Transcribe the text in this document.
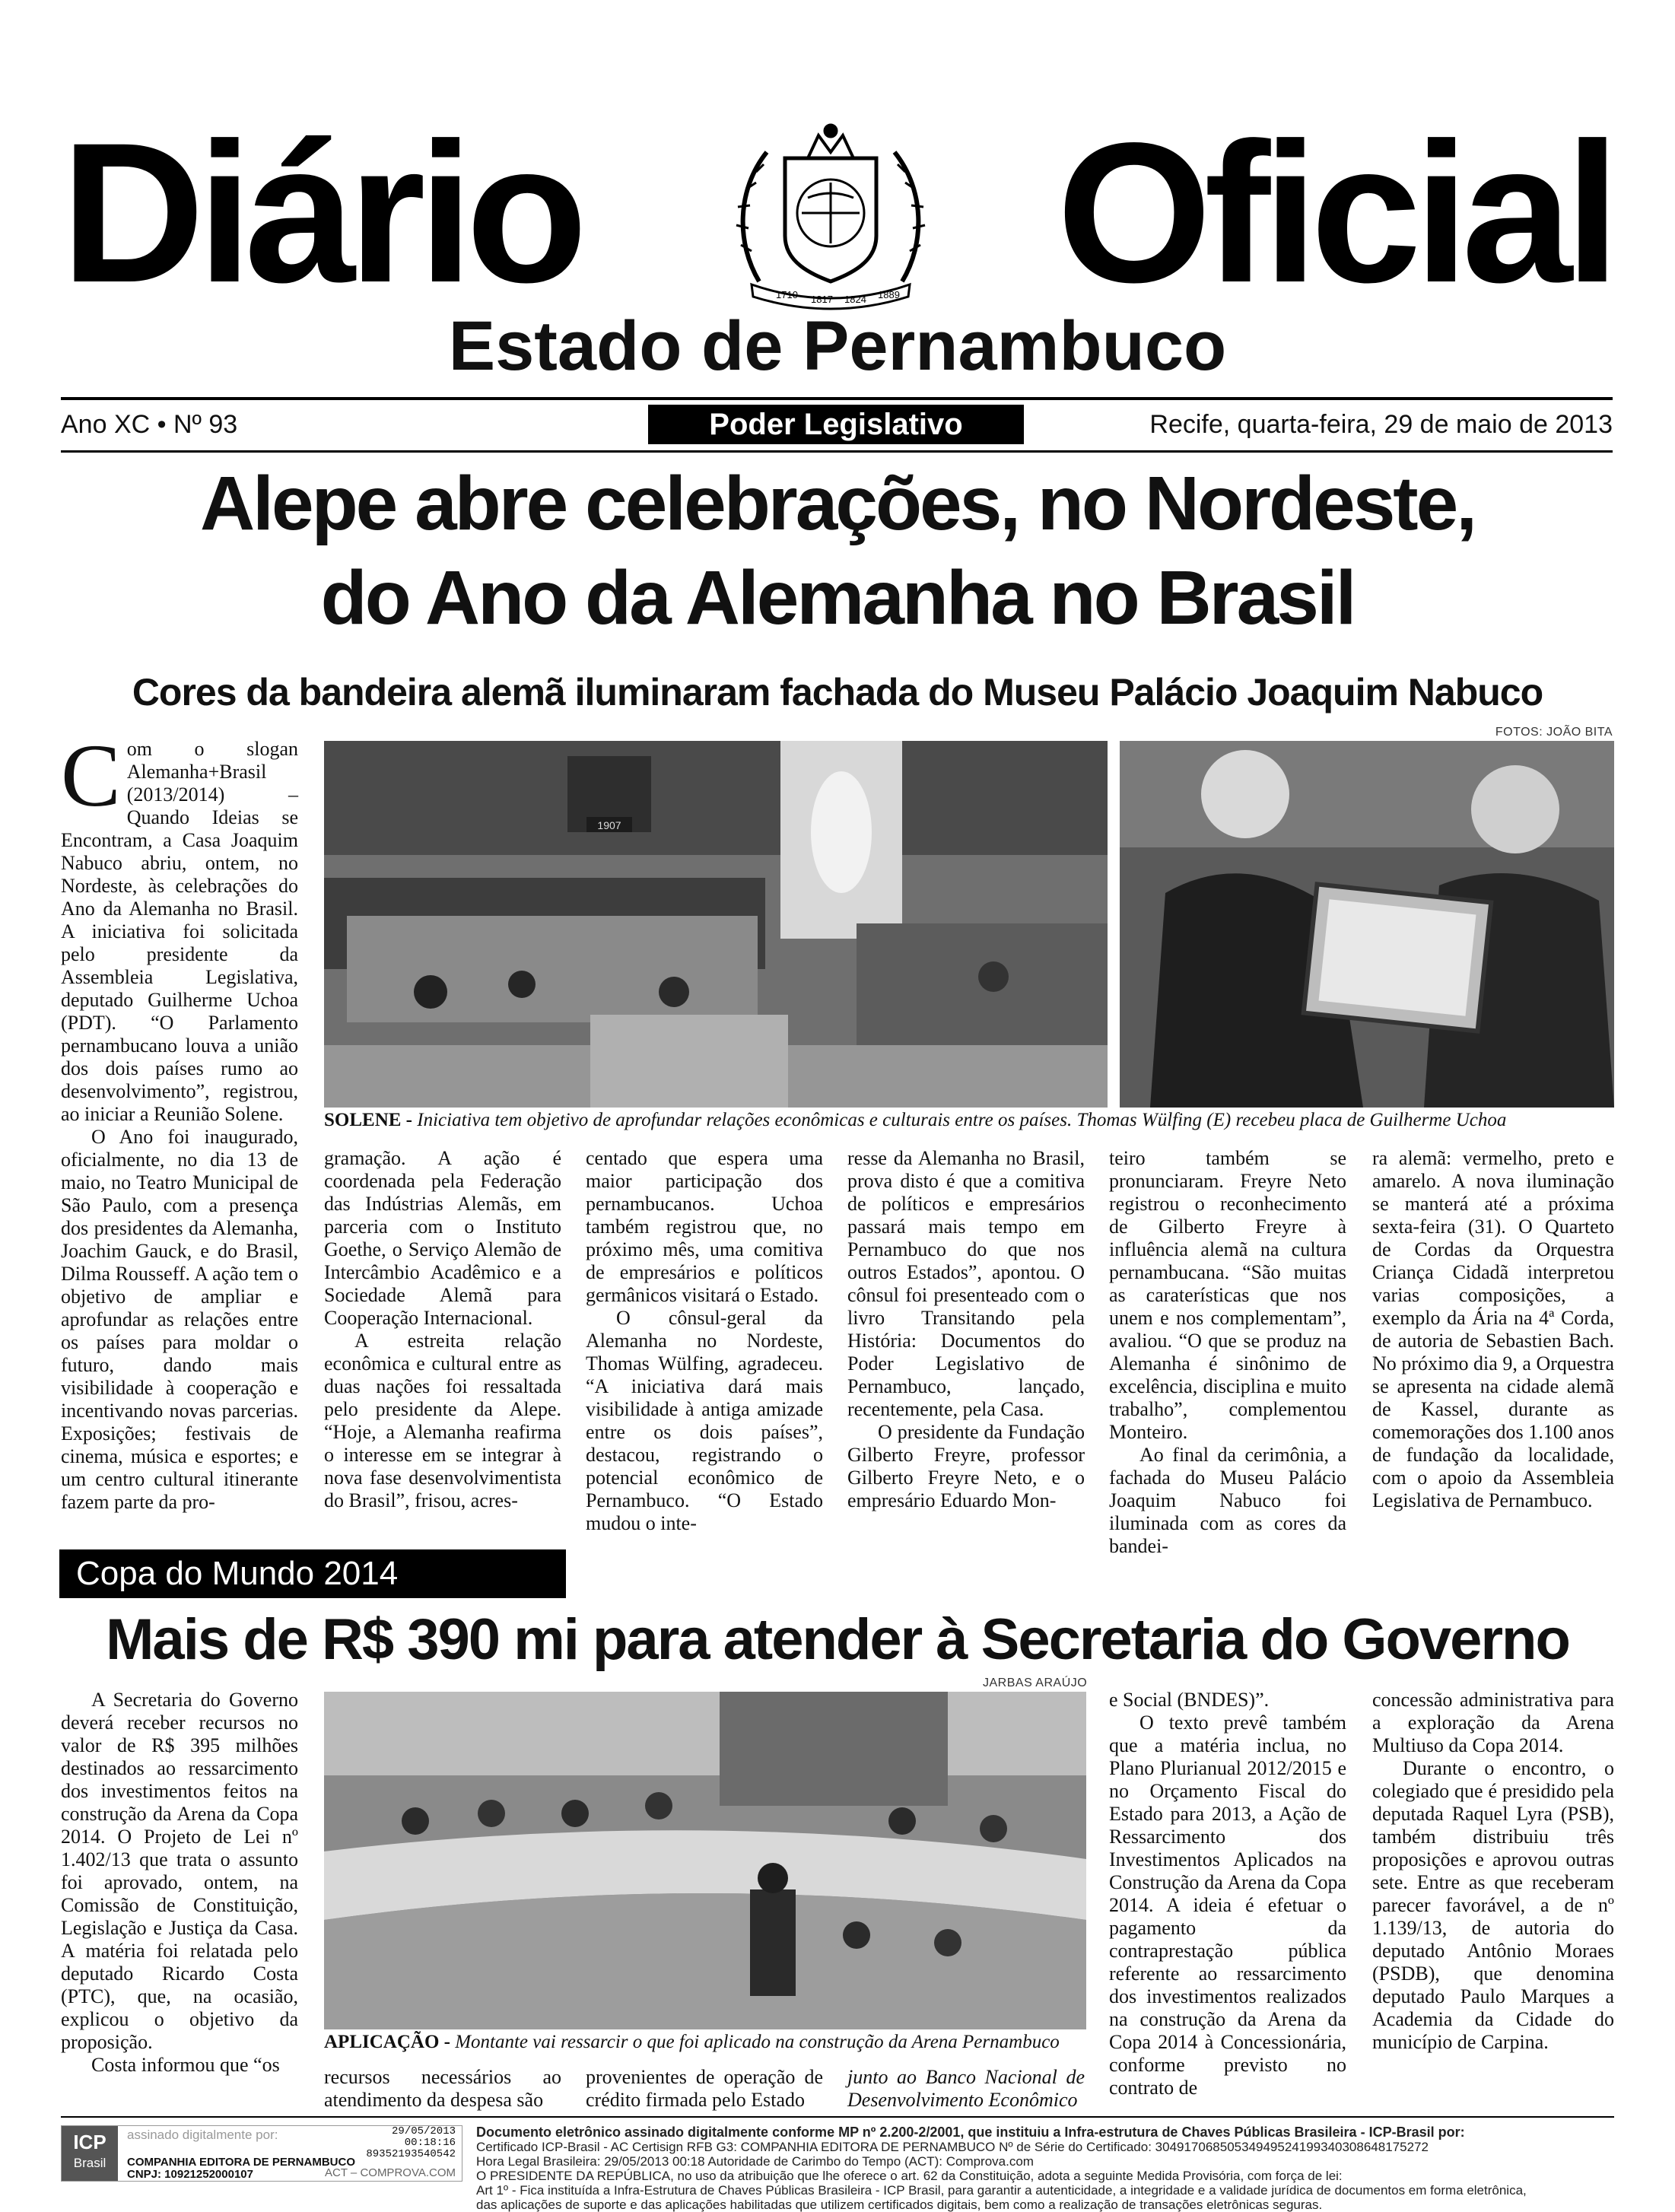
Diário Oficial
1710 1817 1824 1889
Estado de Pernambuco
Ano XC • Nº 93	Poder Legislativo	Recife, quarta-feira, 29 de maio de 2013
Alepe abre celebrações, no Nordeste,
do Ano da Alemanha no Brasil
Cores da bandeira alemã iluminaram fachada do Museu Palácio Joaquim Nabuco
FOTOS: JOÃO BITA

Com o slogan Alemanha+Brasil (2013/2014) – Quando Ideias se Encontram, a Casa Joaquim Nabuco abriu, ontem, no Nordeste, às celebrações do Ano da Alemanha no Brasil. A iniciativa foi solicitada pelo presidente da Assembleia Legislativa, deputado Guilherme Uchoa (PDT). “O Parlamento pernambucano louva a união dos dois países rumo ao desenvolvimento”, registrou, ao iniciar a Reunião Solene.

O Ano foi inaugurado, oficialmente, no dia 13 de maio, no Teatro Municipal de São Paulo, com a presença dos presidentes da Alemanha, Joachim Gauck, e do Brasil, Dilma Rousseff. A ação tem o objetivo de ampliar e aprofundar as relações entre os países para moldar o futuro, dando mais visibilidade à cooperação e incentivando novas parcerias. Exposições; festivais de cinema, música e esportes; e um centro cultural itinerante fazem parte da pro-

1907
SOLENE - Iniciativa tem objetivo de aprofundar relações econômicas e culturais entre os países. Thomas Wülfing (E) recebeu placa de Guilherme Uchoa

gramação. A ação é coordenada pela Federação das Indústrias Alemãs, em parceria com o Instituto Goethe, o Serviço Alemão de Intercâmbio Acadêmico e a Sociedade Alemã para Cooperação Internacional.

A estreita relação econômica e cultural entre as duas nações foi ressaltada pelo presidente da Alepe. “Hoje, a Alemanha reafirma o interesse em se integrar à nova fase desenvolvimentista do Brasil”, frisou, acres-

centado que espera uma maior participação dos pernambucanos. Uchoa também registrou que, no próximo mês, uma comitiva de empresários e políticos germânicos visitará o Estado.

O cônsul-geral da Alemanha no Nordeste, Thomas Wülfing, agradeceu. “A iniciativa dará mais visibilidade à antiga amizade entre os dois países”, destacou, registrando o potencial econômico de Pernambuco. “O Estado mudou o inte-

resse da Alemanha no Brasil, prova disto é que a comitiva de políticos e empresários passará mais tempo em Pernambuco do que nos outros Estados”, apontou. O cônsul foi presenteado com o livro Transitando pela História: Documentos do Poder Legislativo de Pernambuco, lançado, recentemente, pela Casa.

O presidente da Fundação Gilberto Freyre, professor Gilberto Freyre Neto, e o empresário Eduardo Mon-

teiro também se pronunciaram. Freyre Neto registrou o reconhecimento de Gilberto Freyre à influência alemã na cultura pernambucana. “São muitas as caraterísticas que nos unem e nos complementam”, avaliou. “O que se produz na Alemanha é sinônimo de excelência, disciplina e muito trabalho”, complementou Monteiro.

Ao final da cerimônia, a fachada do Museu Palácio Joaquim Nabuco foi iluminada com as cores da bandei-

ra alemã: vermelho, preto e amarelo. A nova iluminação se manterá até a próxima sexta-feira (31). O Quarteto de Cordas da Orquestra Criança Cidadã interpretou varias composições, a exemplo da Ária na 4ª Corda, de autoria de Sebastien Bach. No próximo dia 9, a Orquestra se apresenta na cidade alemã de Kassel, durante as comemorações dos 1.100 anos de fundação da localidade, com o apoio da Assembleia Legislativa de Pernambuco.

Copa do Mundo 2014
Mais de R$ 390 mi para atender à Secretaria do Governo
JARBAS ARAÚJO

A Secretaria do Governo deverá receber recursos no valor de R$ 395 milhões destinados ao ressarcimento dos investimentos feitos na construção da Arena da Copa 2014. O Projeto de Lei nº 1.402/13 que trata o assunto foi aprovado, ontem, na Comissão de Constituição, Legislação e Justiça da Casa. A matéria foi relatada pelo deputado Ricardo Costa (PTC), que, na ocasião, explicou o objetivo da proposição.

Costa informou que “os

APLICAÇÃO - Montante vai ressarcir o que foi aplicado na construção da Arena Pernambuco

recursos necessários ao atendimento da despesa são

provenientes de operação de crédito firmada pelo Estado

junto ao Banco Nacional de Desenvolvimento Econômico

e Social (BNDES)”.

O texto prevê também que a matéria inclua, no Plano Plurianual 2012/2015 e no Orçamento Fiscal do Estado para 2013, a Ação de Ressarcimento dos Investimentos Aplicados na Construção da Arena da Copa 2014. A ideia é efetuar o pagamento da contraprestação pública referente ao ressarcimento dos investimentos realizados na construção da Arena da Copa 2014 à Concessionária, conforme previsto no contrato de

concessão administrativa para a exploração da Arena Multiuso da Copa 2014.

Durante o encontro, o colegiado que é presidido pela deputada Raquel Lyra (PSB), também distribuiu três proposições e aprovou outras sete. Entre as que receberam parecer favorável, a de nº 1.139/13, de autoria do deputado Antônio Moraes (PSDB), que denomina deputado Paulo Marques a Academia da Cidade do município de Carpina.

ICP
Brasil
assinado digitalmente por:	29/05/2013
00:18:16
89352193540542
COMPANHIA EDITORA DE PERNAMBUCO
CNPJ: 10921252000107	ACT – COMPROVA.COM
Documento eletrônico assinado digitalmente conforme MP nº 2.200-2/2001, que instituiu a Infra-estrutura de Chaves Públicas Brasileira - ICP-Brasil por:
Certificado ICP-Brasil - AC Certisign RFB G3: COMPANHIA EDITORA DE PERNAMBUCO Nº de Série do Certificado: 30491706850534949524199340308648175272
Hora Legal Brasileira: 29/05/2013 00:18 Autoridade de Carimbo do Tempo (ACT): Comprova.com
O PRESIDENTE DA REPÚBLICA, no uso da atribuição que lhe oferece o art. 62 da Constituição, adota a seguinte Medida Provisória, com força de lei:
Art 1º - Fica instituída a Infra-Estrutura de Chaves Públicas Brasileira - ICP Brasil, para garantir a autenticidade, a integridade e a validade jurídica de documentos em forma eletrônica,
das aplicações de suporte e das aplicações habilitadas que utilizem certificados digitais, bem como a realização de transações eletrônicas seguras.
